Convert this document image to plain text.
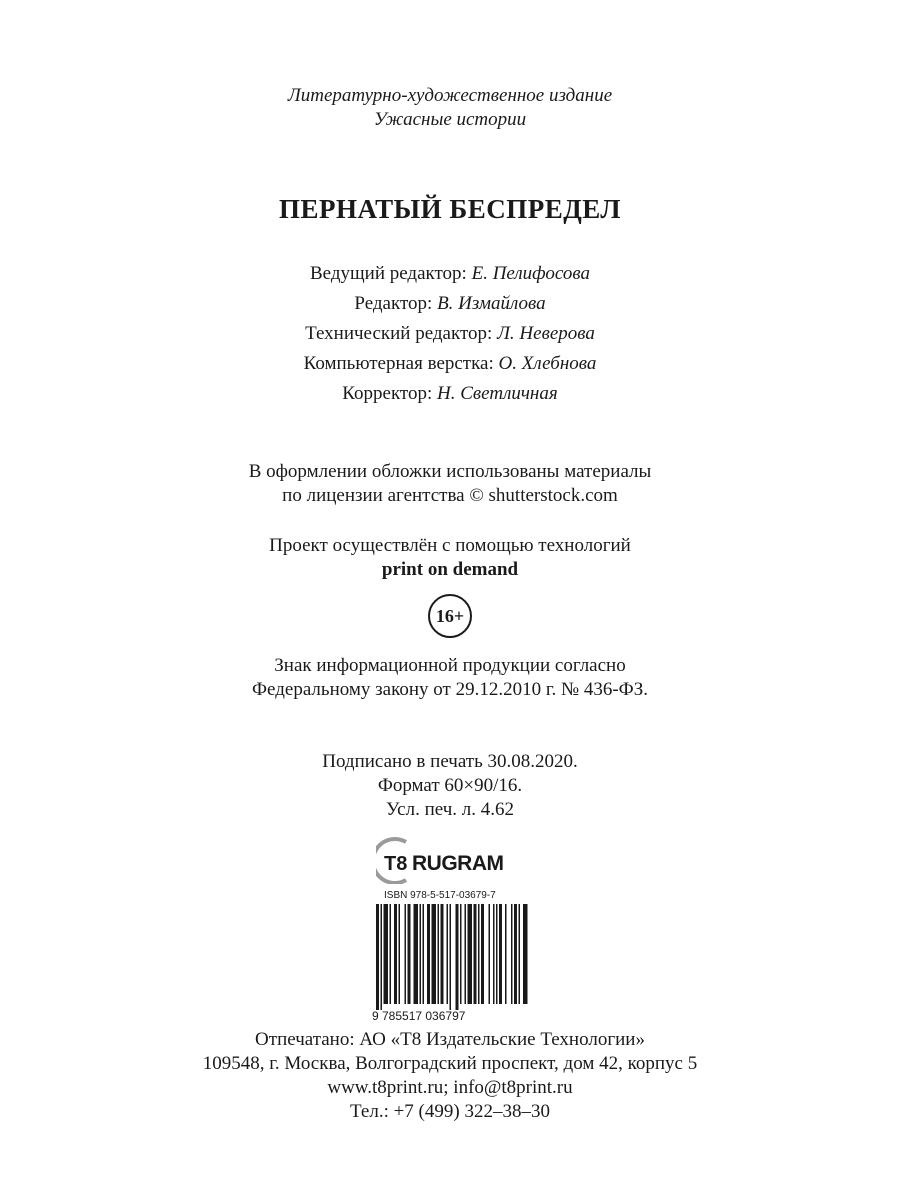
Литературно-художественное издание
Ужасные истории
ПЕРНАТЫЙ БЕСПРЕДЕЛ
Ведущий редактор: Е. Пелифосова
Редактор: В. Измайлова
Технический редактор: Л. Неверова
Компьютерная верстка: О. Хлебнова
Корректор: Н. Светличная
В оформлении обложки использованы материалы
по лицензии агентства © shutterstock.com
Проект осуществлён с помощью технологий
print on demand
16+
Знак информационной продукции согласно
Федеральному закону от 29.12.2010 г. № 436-ФЗ.
Подписано в печать 30.08.2020.
Формат 60×90/16.
Усл. печ. л. 4.62
T8 RUGRAM
ISBN 978-5-517-03679-7
9 785517 036797
Отпечатано: АО «Т8 Издательские Технологии»
109548, г. Москва, Волгоградский проспект, дом 42, корпус 5
www.t8print.ru; info@t8print.ru
Тел.: +7 (499) 322–38–30
